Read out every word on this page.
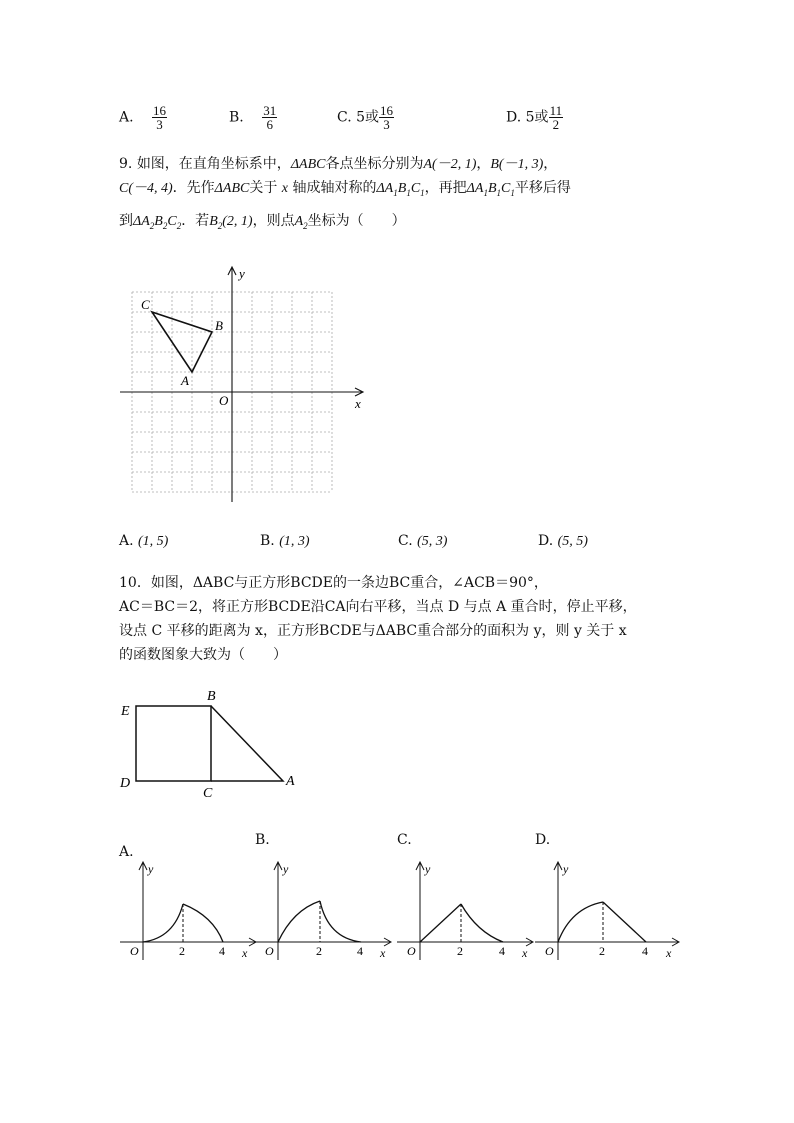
A. $\frac{16}{3}$	B. $\frac{31}{6}$	C. 5或 $\frac{16}{3}$	D. 5或 $\frac{11}{2}$
9. 如图，在直角坐标系中，ΔABC各点坐标分别为A(－2, 1)，B(－1, 3)，
C(－4, 4)．先作ΔABC关于 x 轴成轴对称的$\Delta A_1B_1C_1$，再把$\Delta A_1B_1C_1$平移后得
到$\Delta A_2B_2C_2$．若$B_2(2$, 1)，则点$A_2$坐标为（　　）
y
x
O
A
B
C
A. (1, 5)	B. (1, 3)	C. (5, 3)	D. (5, 5)
10．如图，ΔABC与正方形BCDE的一条边BC重合，∠ACB＝90°，
AC＝BC＝2，将正方形BCDE沿CA向右平移，当点 D 与点 A 重合时，停止平移，
设点 C 平移的距离为 x，正方形BCDE与ΔABC重合部分的面积为 y，则 y 关于 x
的函数图象大致为（　　）
E
B
D
C
A
A.
B.	C.	D.
y
x
O	2	4
y
x
O	2	4
y
x
O	2	4
y
x
O	2	4
